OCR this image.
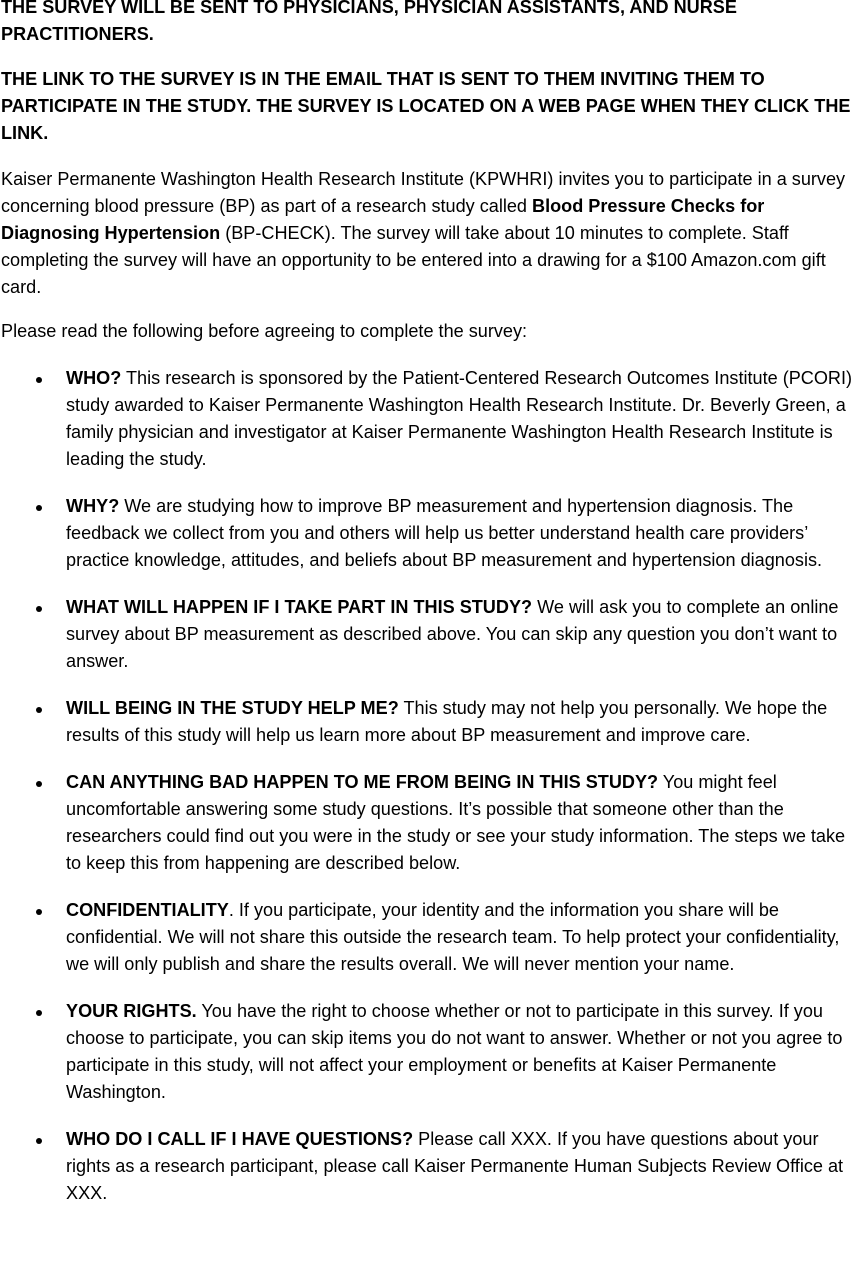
THE SURVEY WILL BE SENT TO PHYSICIANS, PHYSICIAN ASSISTANTS, AND NURSE PRACTITIONERS.

THE LINK TO THE SURVEY IS IN THE EMAIL THAT IS SENT TO THEM INVITING THEM TO PARTICIPATE IN THE STUDY. THE SURVEY IS LOCATED ON A WEB PAGE WHEN THEY CLICK THE LINK.

Kaiser Permanente Washington Health Research Institute (KPWHRI) invites you to participate in a survey concerning blood pressure (BP) as part of a research study called Blood Pressure Checks for Diagnosing Hypertension (BP-CHECK). The survey will take about 10 minutes to complete. Staff completing the survey will have an opportunity to be entered into a drawing for a $100 Amazon.com gift card.

Please read the following before agreeing to complete the survey:

WHO? This research is sponsored by the Patient-Centered Research Outcomes Institute (PCORI) study awarded to Kaiser Permanente Washington Health Research Institute. Dr. Beverly Green, a family physician and investigator at Kaiser Permanente Washington Health Research Institute is leading the study.
WHY? We are studying how to improve BP measurement and hypertension diagnosis. The feedback we collect from you and others will help us better understand health care providers’ practice knowledge, attitudes, and beliefs about BP measurement and hypertension diagnosis.
WHAT WILL HAPPEN IF I TAKE PART IN THIS STUDY? We will ask you to complete an online survey about BP measurement as described above. You can skip any question you don’t want to answer.
WILL BEING IN THE STUDY HELP ME? This study may not help you personally. We hope the results of this study will help us learn more about BP measurement and improve care.
CAN ANYTHING BAD HAPPEN TO ME FROM BEING IN THIS STUDY? You might feel uncomfortable answering some study questions. It’s possible that someone other than the researchers could find out you were in the study or see your study information. The steps we take to keep this from happening are described below.
CONFIDENTIALITY. If you participate, your identity and the information you share will be confidential. We will not share this outside the research team. To help protect your confidentiality, we will only publish and share the results overall. We will never mention your name.
YOUR RIGHTS. You have the right to choose whether or not to participate in this survey. If you choose to participate, you can skip items you do not want to answer. Whether or not you agree to participate in this study, will not affect your employment or benefits at Kaiser Permanente Washington.
WHO DO I CALL IF I HAVE QUESTIONS? Please call XXX. If you have questions about your rights as a research participant, please call Kaiser Permanente Human Subjects Review Office at XXX.
